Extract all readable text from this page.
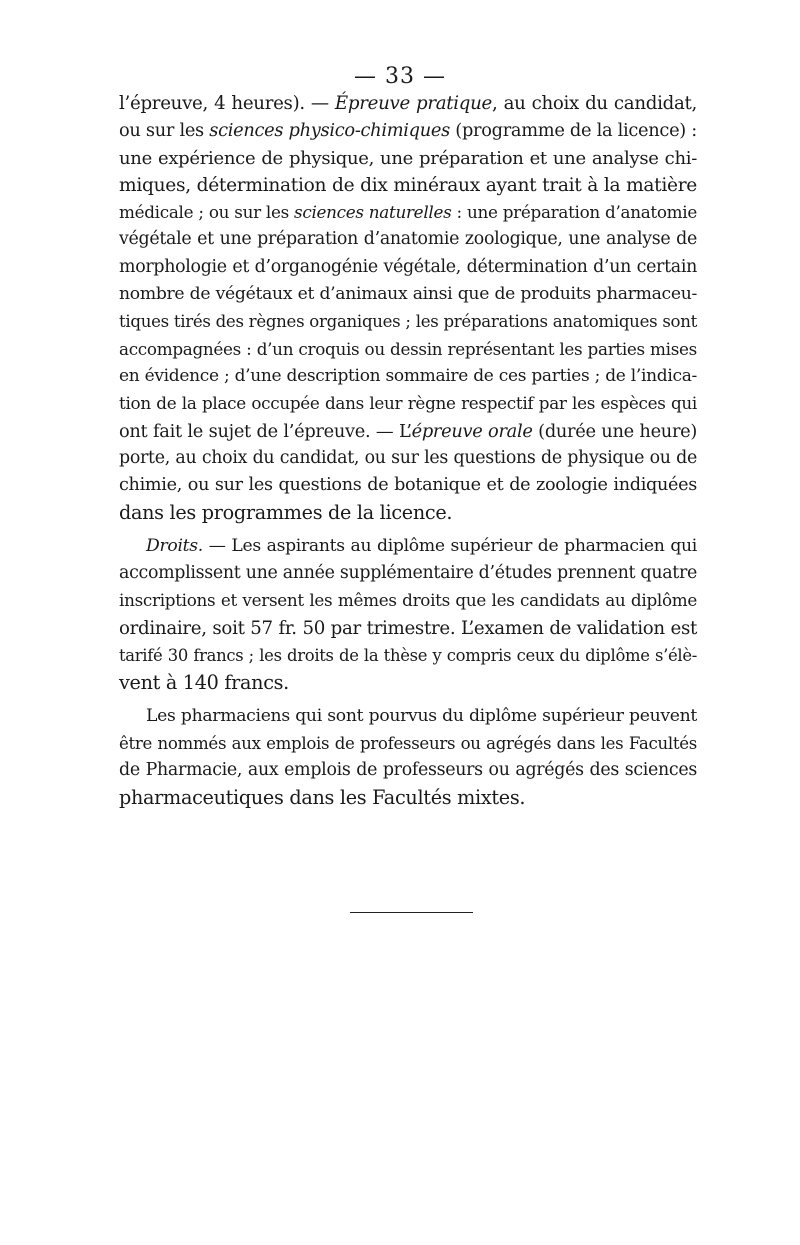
— 33 —
l’épreuve, 4 heures). — Épreuve pratique, au choix du candidat,
ou sur les sciences physico-chimiques (programme de la licence) :
une expérience de physique, une préparation et une analyse chi-
miques, détermination de dix minéraux ayant trait à la matière
médicale ; ou sur les sciences naturelles : une préparation d’anatomie
végétale et une préparation d’anatomie zoologique, une analyse de
morphologie et d’organogénie végétale, détermination d’un certain
nombre de végétaux et d’animaux ainsi que de produits pharmaceu-
tiques tirés des règnes organiques ; les préparations anatomiques sont
accompagnées : d’un croquis ou dessin représentant les parties mises
en évidence ; d’une description sommaire de ces parties ; de l’indica-
tion de la place occupée dans leur règne respectif par les espèces qui
ont fait le sujet de l’épreuve. — L’épreuve orale (durée une heure)
porte, au choix du candidat, ou sur les questions de physique ou de
chimie, ou sur les questions de botanique et de zoologie indiquées
dans les programmes de la licence.
Droits. — Les aspirants au diplôme supérieur de pharmacien qui
accomplissent une année supplémentaire d’études prennent quatre
inscriptions et versent les mêmes droits que les candidats au diplôme
ordinaire, soit 57 fr. 50 par trimestre. L’examen de validation est
tarifé 30 francs ; les droits de la thèse y compris ceux du diplôme s’élè-
vent à 140 francs.
Les pharmaciens qui sont pourvus du diplôme supérieur peuvent
être nommés aux emplois de professeurs ou agrégés dans les Facultés
de Pharmacie, aux emplois de professeurs ou agrégés des sciences
pharmaceutiques dans les Facultés mixtes.
